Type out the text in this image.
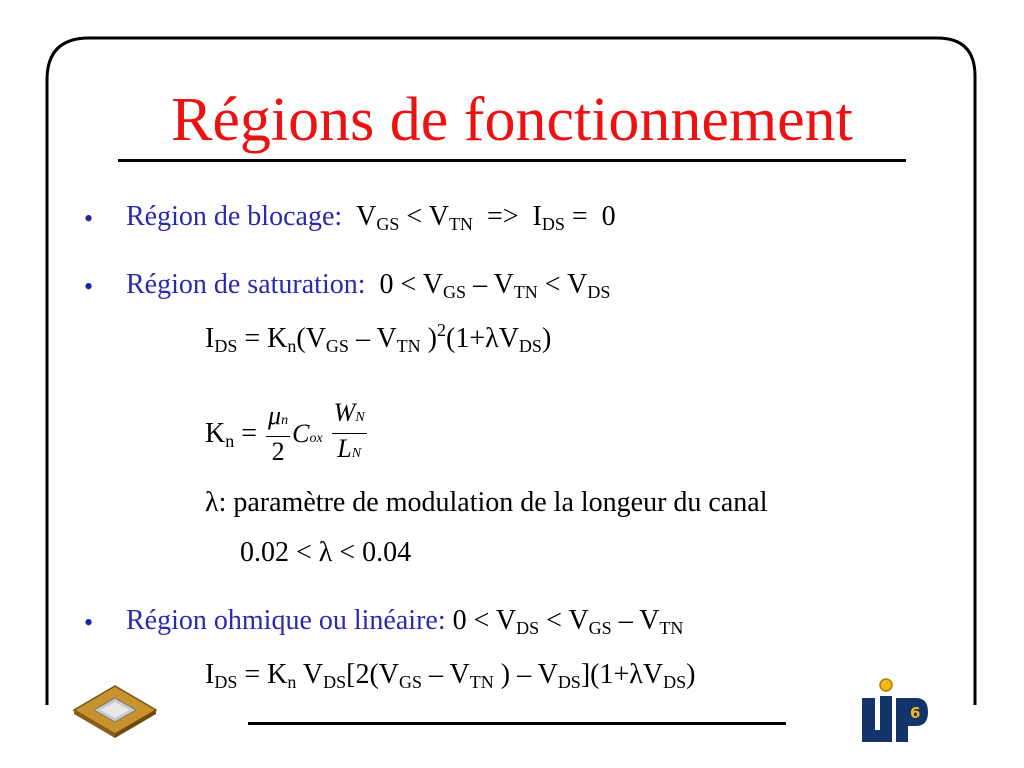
Régions de fonctionnement
• Région de blocage: $V_{GS} < V_{TN} => I_{DS} = 0$
• Région de saturation: $0 < V_{GS} - V_{TN} < V_{DS}$
$I_{DS} = K_n(V_{GS} - V_{TN}$ )$^2(1+\lambda V_{DS})$
$K_n = \frac{\mu n}{2}$ Cox $\frac{WN}{LN}$
λ: paramètre de modulation de la longeur du canal
0.02 < λ < 0.04
• Région ohmique ou linéaire: $0 < V_{DS} < V_{GS} - V_{TN}$
$I_{DS} = K_n$ $V_{DS}[2(V_{GS} - V_{TN}$ ) – $V_{DS}](1+\lambda V_{DS})$
6
